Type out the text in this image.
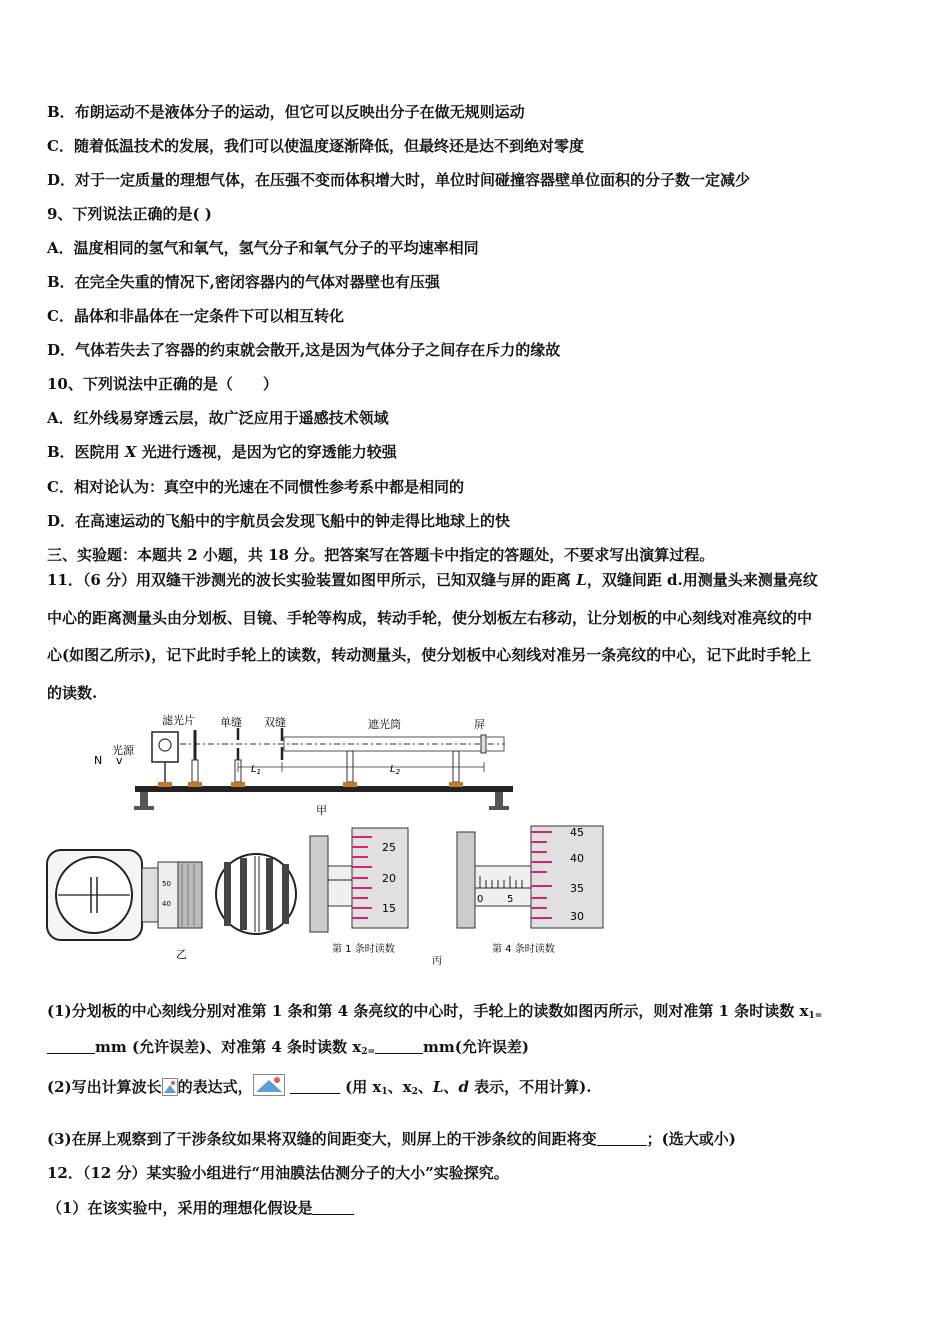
B．布朗运动不是液体分子的运动，但它可以反映出分子在做无规则运动
C．随着低温技术的发展，我们可以使温度逐渐降低，但最终还是达不到绝对零度
D．对于一定质量的理想气体，在压强不变而体积增大时，单位时间碰撞容器壁单位面积的分子数一定减少
9、下列说法正确的是( )
A．温度相同的氢气和氧气，氢气分子和氧气分子的平均速率相同
B．在完全失重的情况下,密闭容器内的气体对器壁也有压强
C．晶体和非晶体在一定条件下可以相互转化
D．气体若失去了容器的约束就会散开,这是因为气体分子之间存在斥力的缘故
10、下列说法中正确的是（　　）
A．红外线易穿透云层，故广泛应用于遥感技术领域
B．医院用 X 光进行透视，是因为它的穿透能力较强
C．相对论认为：真空中的光速在不同惯性参考系中都是相同的
D．在高速运动的飞船中的宇航员会发现飞船中的钟走得比地球上的快
三、实验题：本题共 2 小题，共 18 分。把答案写在答题卡中指定的答题处，不要求写出演算过程。
11．（6 分）用双缝干涉测光的波长实验装置如图甲所示，已知双缝与屏的距离 L，双缝间距 d.用测量头来测量亮纹
中心的距离测量头由分划板、目镜、手轮等构成，转动手轮，使分划板左右移动，让分划板的中心刻线对准亮纹的中
心(如图乙所示)，记下此时手轮上的读数，转动测量头，使分划板中心刻线对准另一条亮纹的中心，记下此时手轮上
的读数.
滤光片 单缝 双缝	遮光筒	屏
光源
N v
$L_1$	$L_2$
甲
50
40
乙
25
20
15
第 1 条时读数
0 5
45
40
35
30
第 4 条时读数
丙
(1)分划板的中心刻线分别对准第 1 条和第 4 条亮纹的中心时，手轮上的读数如图丙所示，则对准第 1 条时读数 $x_{1=}$
mm (允许误差)、对准第 4 条时读数 $x_{2=}$	mm(允许误差)
(2)写出计算波长 的表达式，	(用 $x_1$、$x_2$、L、d 表示，不用计算).
(3)在屏上观察到了干涉条纹如果将双缝的间距变大，则屏上的干涉条纹的间距将变	；(选大或小)
12．（12 分）某实验小组进行“用油膜法估测分子的大小”实验探究。
（1）在该实验中，采用的理想化假设是
